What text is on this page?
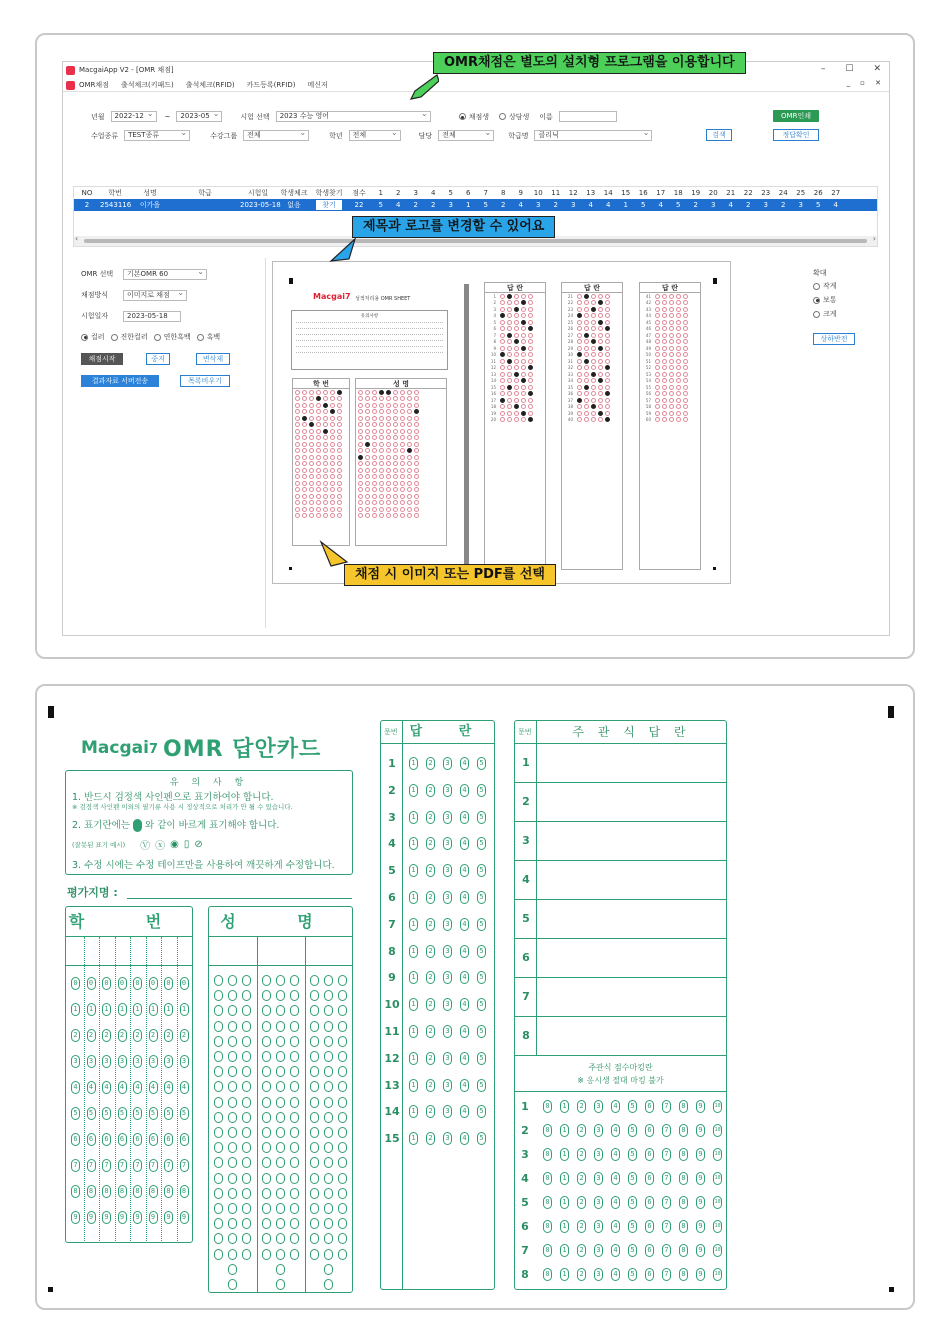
MacgaiApp V2 - [OMR 채점]	– ☐ ✕
OMR채점 출석체크(키패드) 출석체크(RFID) 카드등록(RFID) 메신저	_ ▫ ✕
년월	2022-12 ⌄	~	2023-05 ⌄	시험 선택	2023 수능 영어 ⌄	채점생	상담생 이름
수업종류	TEST종류 ⌄	수강그룹	전체 ⌄	학년	전체 ⌄	담당	전체 ⌄	학급명	클리닉 ⌄
OMR인쇄
검색	정답확인
NO	학번	성명	학급	시험일	학생체크	학생찾기	점수	1	2	3	4	5	6	7	8	9	10	11	12	13	14	15	16	17	18	19	20	21	22	23	24	25	26	27
2	2543116	이가을	2023-05-18 없음	찾기	22	5	4	2	2	3	1	5	2	4	3	2	3	4	4	1	5	4	5	2	3	4	2	3	2	3	5	4
‹	›
OMR 선택	기본OMR 60 ⌄
채점방식	이미지로 채점 ⌄
시험일자	2023-05-18
컬러 진한컬러 연한흑백 흑백
채점시작	중지	변삭제
결과자료 서버전송	목록비우기
확대
작게
보통
크게
상하반전
Macgai7 성적처리용 OMR SHEET
유의사항
학 번	성 명
답 란
1
2
3
4
5
6
7
8
9
10
11
12
13
14
15
16
17
18
19
20
답 란
21
22
23
24
25
26
27
28
29
30
31
32
33
34
35
36
37
38
39
40
답 란
41
42
43
44
45
46
47
48
49
50
51
52
53
54
55
56
57
58
59
60
OMR채점은 별도의 설치형 프로그램을 이용합니다
제목과 로고를 변경할 수 있어요
채점 시 이미지 또는 PDF를 선택
Macgai7 OMR 답안카드
유 의 사 항
1. 반드시 검정색 사인펜으로 표기하여야 합니다.
※ 검정색 사인펜 이외의 필기류 사용 시 정상적으로 처리가 안 될 수 있습니다.
2. 표기란에는 와 같이 바르게 표기해야 합니다.
(잘못된 표기 예시) Ⓥ ⓧ ◉ ▯ ⊘
3. 수정 시에는 수정 테이프만을 사용하여 깨끗하게 수정합니다.
평가지명 :
학 번
0	0	0	0	0	0	0	0
1	1	1	1	1	1	1	1
2	2	2	2	2	2	2	2
3	3	3	3	3	3	3	3
4	4	4	4	4	4	4	4
5	5	5	5	5	5	5	5
6	6	6	6	6	6	6	6
7	7	7	7	7	7	7	7
8	8	8	8	8	8	8	8
9	9	9	9	9	9	9	9
성 명
문번 답 란
1	1	2	3	4	5
2	1	2	3	4	5
3	1	2	3	4	5
4	1	2	3	4	5
5	1	2	3	4	5
6	1	2	3	4	5
7	1	2	3	4	5
8	1	2	3	4	5
9	1	2	3	4	5
10	1	2	3	4	5
11	1	2	3	4	5
12	1	2	3	4	5
13	1	2	3	4	5
14	1	2	3	4	5
15	1	2	3	4	5
문번	주 관 식 답 란
주관식 점수마킹란
※ 응시생 절대 마킹 불가
1
2
3
4
5
6
7
8
1	0	1	2	3	4	5	6	7	8	9	10
2	0	1	2	3	4	5	6	7	8	9	10
3	0	1	2	3	4	5	6	7	8	9	10
4	0	1	2	3	4	5	6	7	8	9	10
5	0	1	2	3	4	5	6	7	8	9	10
6	0	1	2	3	4	5	6	7	8	9	10
7	0	1	2	3	4	5	6	7	8	9	10
8	0	1	2	3	4	5	6	7	8	9	10
